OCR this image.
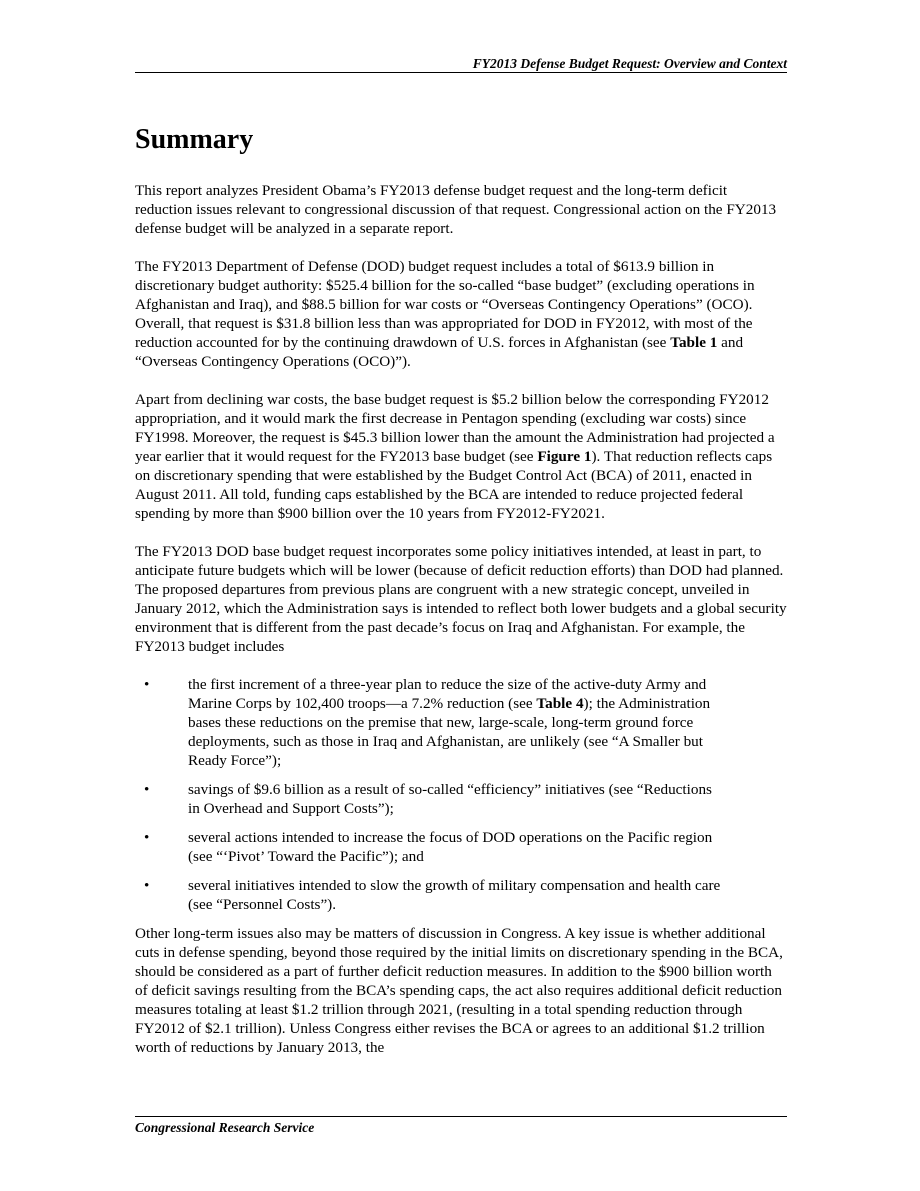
FY2013 Defense Budget Request: Overview and Context
Summary

This report analyzes President Obama’s FY2013 defense budget request and the long-term deficit reduction issues relevant to congressional discussion of that request. Congressional action on the FY2013 defense budget will be analyzed in a separate report.

The FY2013 Department of Defense (DOD) budget request includes a total of $613.9 billion in discretionary budget authority: $525.4 billion for the so-called “base budget” (excluding operations in Afghanistan and Iraq), and $88.5 billion for war costs or “Overseas Contingency Operations” (OCO). Overall, that request is $31.8 billion less than was appropriated for DOD in FY2012, with most of the reduction accounted for by the continuing drawdown of U.S. forces in Afghanistan (see Table 1 and “Overseas Contingency Operations (OCO)”).

Apart from declining war costs, the base budget request is $5.2 billion below the corresponding FY2012 appropriation, and it would mark the first decrease in Pentagon spending (excluding war costs) since FY1998. Moreover, the request is $45.3 billion lower than the amount the Administration had projected a year earlier that it would request for the FY2013 base budget (see Figure 1). That reduction reflects caps on discretionary spending that were established by the Budget Control Act (BCA) of 2011, enacted in August 2011. All told, funding caps established by the BCA are intended to reduce projected federal spending by more than $900 billion over the 10 years from FY2012-FY2021.

The FY2013 DOD base budget request incorporates some policy initiatives intended, at least in part, to anticipate future budgets which will be lower (because of deficit reduction efforts) than DOD had planned. The proposed departures from previous plans are congruent with a new strategic concept, unveiled in January 2012, which the Administration says is intended to reflect both lower budgets and a global security environment that is different from the past decade’s focus on Iraq and Afghanistan. For example, the FY2013 budget includes

•	the first increment of a three-year plan to reduce the size of the active-duty Army and Marine Corps by 102,400 troops—a 7.2% reduction (see Table 4); the Administration bases these reductions on the premise that new, large-scale, long-term ground force deployments, such as those in Iraq and Afghanistan, are unlikely (see “A Smaller but Ready Force”);
•	savings of $9.6 billion as a result of so-called “efficiency” initiatives (see “Reductions in Overhead and Support Costs”);
•	several actions intended to increase the focus of DOD operations on the Pacific region (see “‘Pivot’ Toward the Pacific”); and
•	several initiatives intended to slow the growth of military compensation and health care (see “Personnel Costs”).

Other long-term issues also may be matters of discussion in Congress. A key issue is whether additional cuts in defense spending, beyond those required by the initial limits on discretionary spending in the BCA, should be considered as a part of further deficit reduction measures. In addition to the $900 billion worth of deficit savings resulting from the BCA’s spending caps, the act also requires additional deficit reduction measures totaling at least $1.2 trillion through 2021, (resulting in a total spending reduction through FY2012 of $2.1 trillion). Unless Congress either revises the BCA or agrees to an additional $1.2 trillion worth of reductions by January 2013, the

Congressional Research Service
